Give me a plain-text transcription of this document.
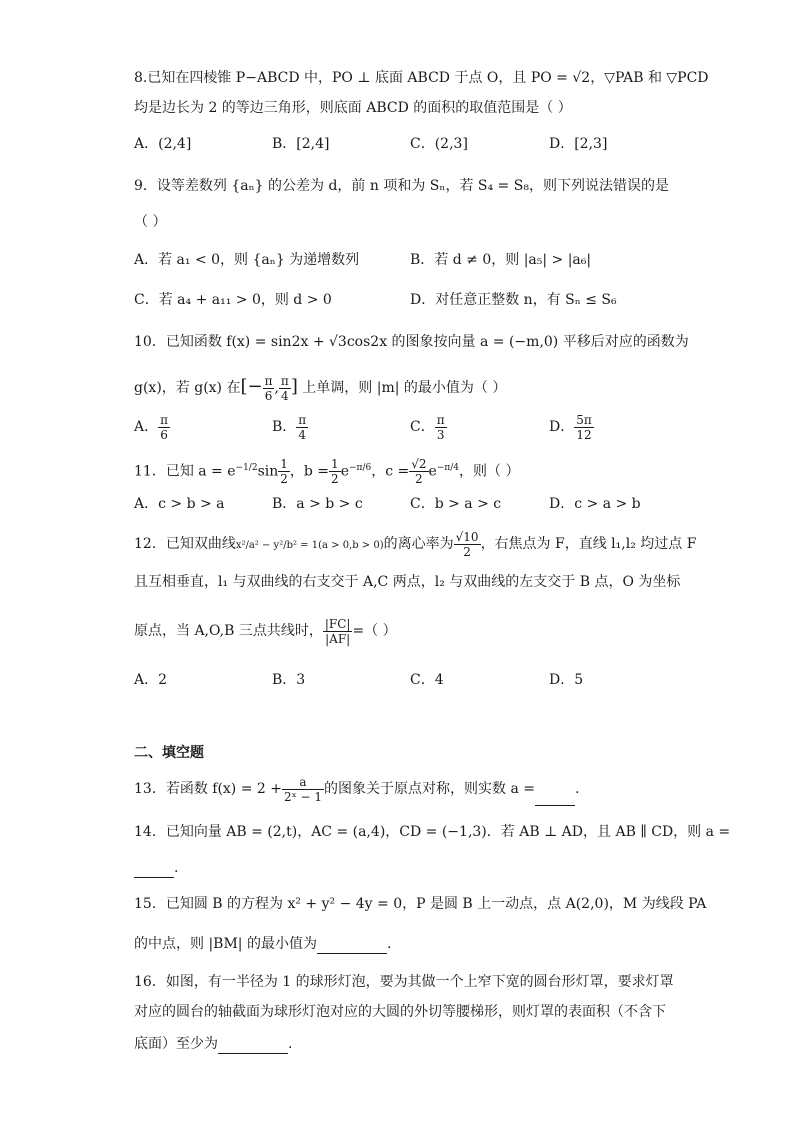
8.已知在四棱锥 P−ABCD 中，PO ⊥ 底面 ABCD 于点 O，且 PO = √2，▽PAB 和 ▽PCD
均是边长为 2 的等边三角形，则底面 ABCD 的面积的取值范围是（ ）
A．(2,4]	B．[2,4]	C．(2,3]	D．[2,3]
9．设等差数列 {aₙ} 的公差为 d，前 n 项和为 Sₙ，若 S₄ = S₈，则下列说法错误的是
（ ）
A．若 a₁ < 0，则 {aₙ} 为递增数列	B．若 d ≠ 0，则 |a₅| > |a₆|
C．若 a₄ + a₁₁ > 0，则 d > 0	D．对任意正整数 n，有 Sₙ ≤ S₆
10．已知函数 f(x) = sin2x + √3cos2x 的图象按向量 a = (−m,0) 平移后对应的函数为
g(x)，若 g(x) 在[− $\frac{\pi}{6}$ , $\frac{\pi}{4}$ ] 上单调，则 |m| 的最小值为（ ）
A． $\frac{\pi}{6}$	B． $\frac{\pi}{4}$	C． $\frac{\pi}{3}$	D． $\frac{5\pi}{12}$
11．已知 $a = e^{-1/2}\sin \frac{1}{2}$ ，$b = \frac{1}{2} e^{-\pi/6}$，$c = \frac{√2}{2} e^{-\pi/4}$，则（ ）
A．c > b > a	B．a > b > c	C．b > a > c	D．c > a > b
12．已知双曲线x²/a² − y²/b² = 1(a > 0,b > 0)的离心率为 $\frac{√10}{2}$ ，右焦点为 F，直线 l₁,l₂ 均过点 F
且互相垂直，l₁ 与双曲线的右支交于 A,C 两点，l₂ 与双曲线的左支交于 B 点，O 为坐标
原点，当 A,O,B 三点共线时， $\frac{|FC|}{|AF|}$ =（ ）
A．2	B．3	C．4	D．5
二、填空题
13．若函数 $f(x) = 2 + \frac{a}{\text{2ˣ − 1}}$ 的图象关于原点对称，则实数 a =	.
14．已知向量 AB = (2,t)，AC = (a,4)，CD = (−1,3)．若 AB ⊥ AD，且 AB ∥ CD，则 a =
.
15．已知圆 B 的方程为 x² + y² − 4y = 0，P 是圆 B 上一动点，点 A(2,0)，M 为线段 PA
的中点，则 |BM| 的最小值为	.
16．如图，有一半径为 1 的球形灯泡，要为其做一个上窄下宽的圆台形灯罩，要求灯罩
对应的圆台的轴截面为球形灯泡对应的大圆的外切等腰梯形，则灯罩的表面积（不含下
底面）至少为	.
